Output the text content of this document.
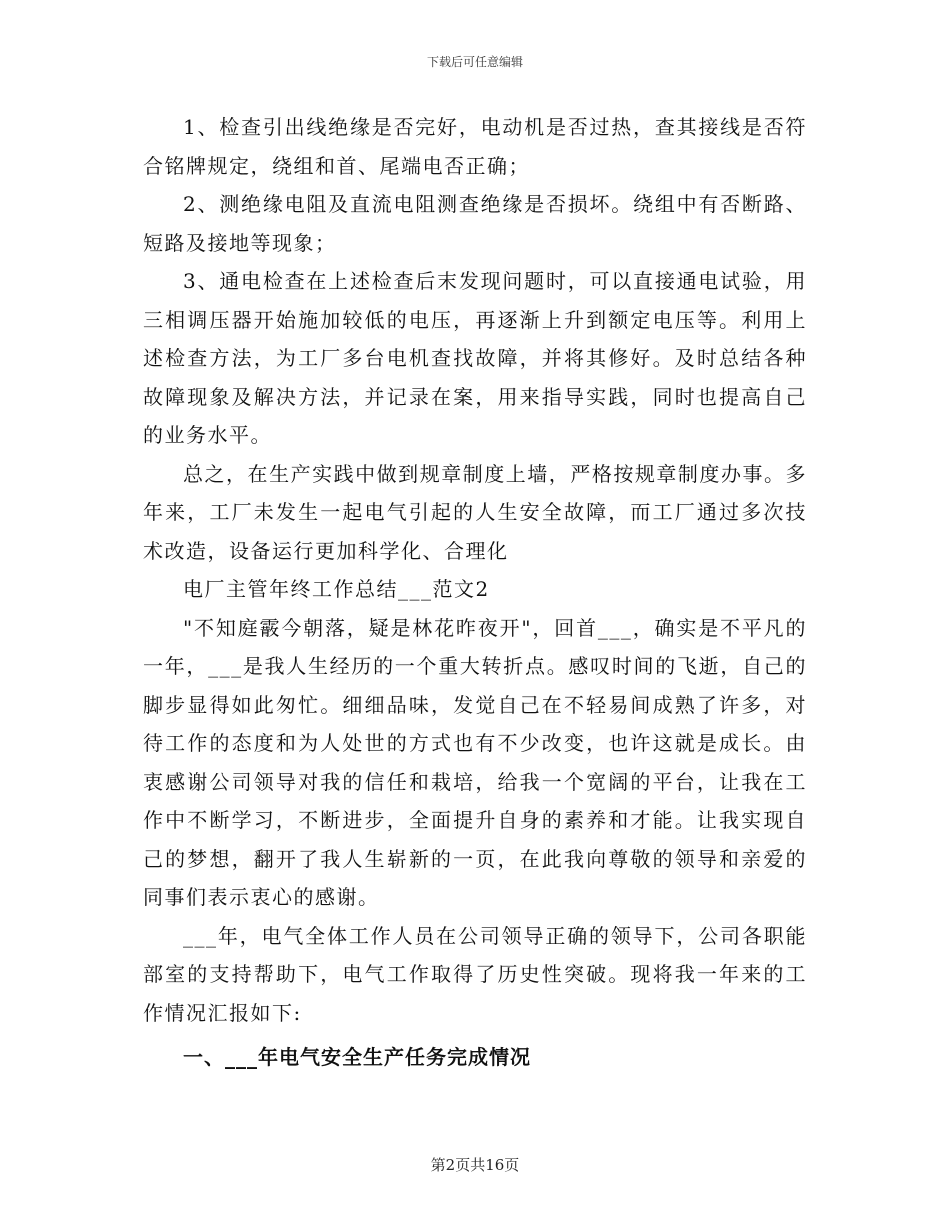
下载后可任意编辑

1、检查引出线绝缘是否完好，电动机是否过热，查其接线是否符合铭牌规定，绕组和首、尾端电否正确；

2、测绝缘电阻及直流电阻测查绝缘是否损坏。绕组中有否断路、短路及接地等现象；

3、通电检查在上述检查后末发现问题时，可以直接通电试验，用三相调压器开始施加较低的电压，再逐渐上升到额定电压等。利用上述检查方法，为工厂多台电机查找故障，并将其修好。及时总结各种故障现象及解决方法，并记录在案，用来指导实践，同时也提高自己的业务水平。

总之，在生产实践中做到规章制度上墙，严格按规章制度办事。多年来，工厂未发生一起电气引起的人生安全故障，而工厂通过多次技术改造，设备运行更加科学化、合理化

电厂主管年终工作总结___范文2

"不知庭霰今朝落，疑是林花昨夜开"，回首___，确实是不平凡的一年，___是我人生经历的一个重大转折点。感叹时间的飞逝，自己的脚步显得如此匆忙。细细品味，发觉自己在不轻易间成熟了许多，对待工作的态度和为人处世的方式也有不少改变，也许这就是成长。由衷感谢公司领导对我的信任和栽培，给我一个宽阔的平台，让我在工作中不断学习，不断进步，全面提升自身的素养和才能。让我实现自己的梦想，翻开了我人生崭新的一页，在此我向尊敬的领导和亲爱的同事们表示衷心的感谢。

___年，电气全体工作人员在公司领导正确的领导下，公司各职能部室的支持帮助下，电气工作取得了历史性突破。现将我一年来的工作情况汇报如下:

一、___年电气安全生产任务完成情况

第2页共16页
